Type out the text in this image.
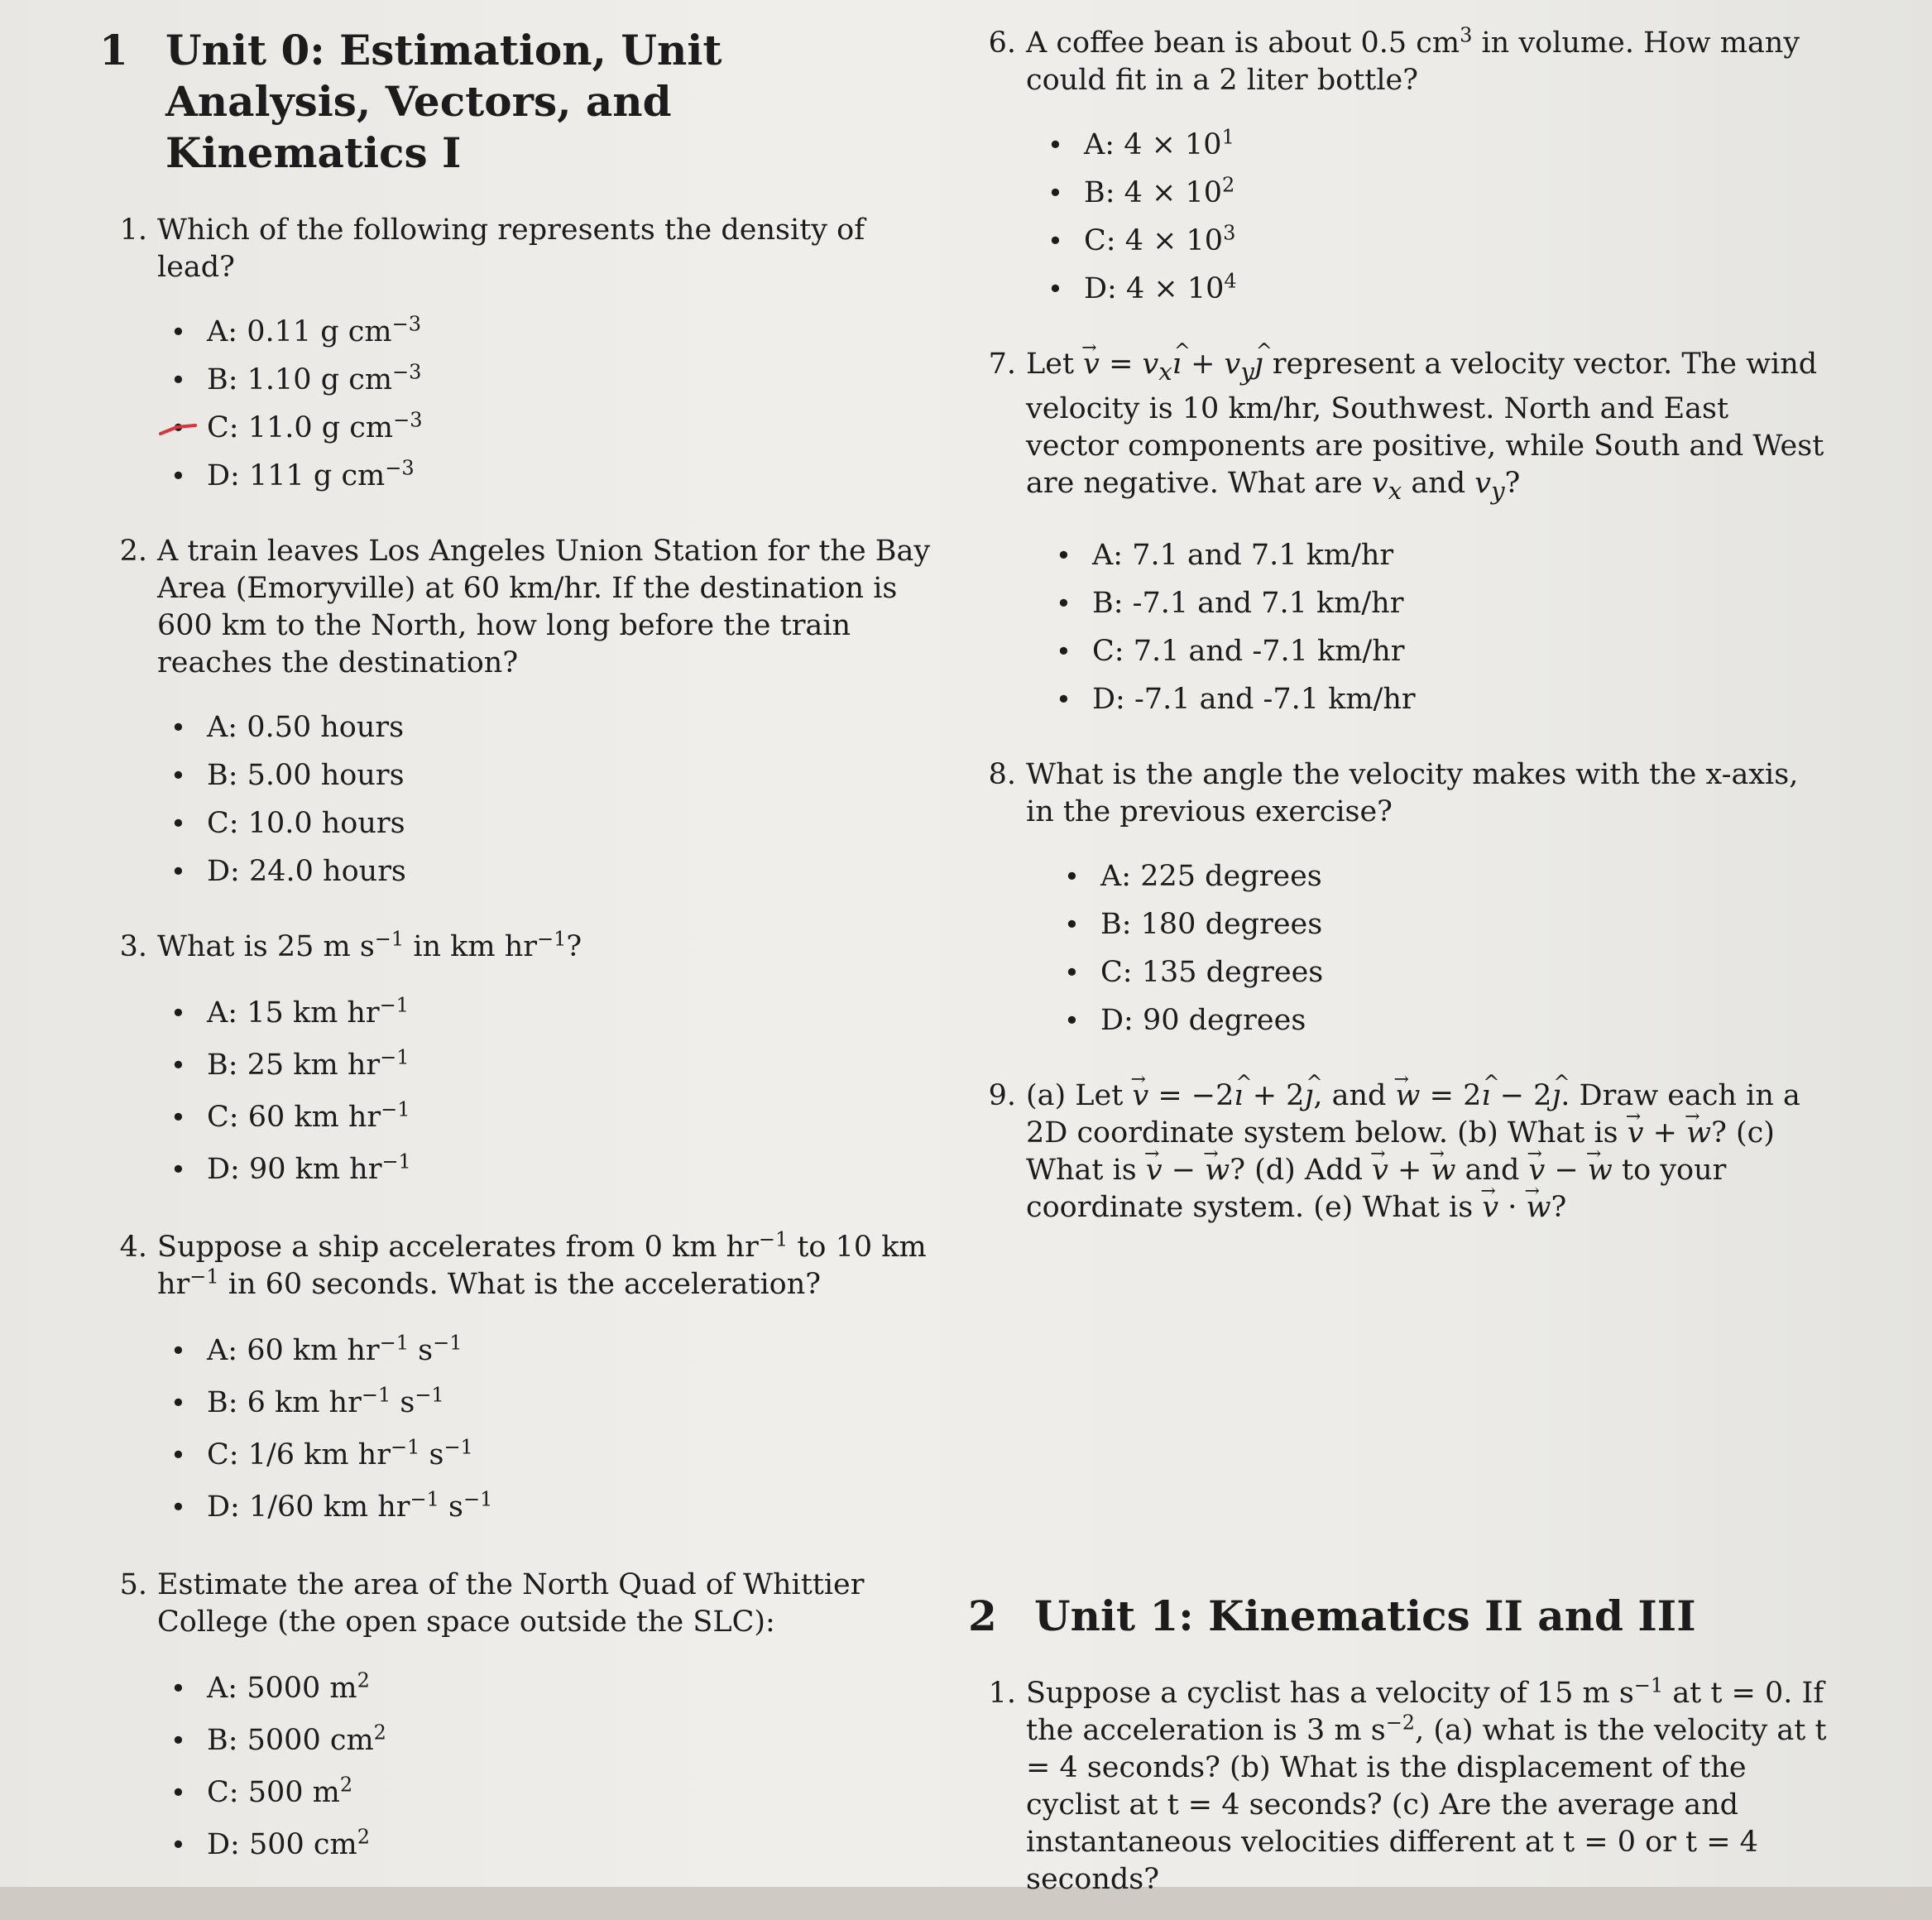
1 Unit 0: Estimation, Unit Analysis, Vectors, and Kinematics I
1. Which of the following represents the density of lead?
• A: 0.11 g $cm^{-3}$
• B: 1.10 g $cm^{-3}$
• C: 11.0 g $cm^{-3}$
• D: 111 g $cm^{-3}$
2. A train leaves Los Angeles Union Station for the Bay Area (Emoryville) at 60 km/hr. If the destination is 600 km to the North, how long before the train reaches the destination?
• A: 0.50 hours
• B: 5.00 hours
• C: 10.0 hours
• D: 24.0 hours
3. What is 25 m $s^{-1}$ in km $hr^{-1}$?
• A: 15 km $hr^{-1}$
• B: 25 km $hr^{-1}$
• C: 60 km $hr^{-1}$
• D: 90 km $hr^{-1}$
4. Suppose a ship accelerates from 0 km $hr^{-1}$ to 10 km $hr^{-1}$ in 60 seconds. What is the acceleration?
• A: 60 km $hr^{-1}$ $s^{-1}$
• B: 6 km $hr^{-1}$ $s^{-1}$
• C: 1/6 km $hr^{-1}$ $s^{-1}$
• D: 1/60 km $hr^{-1}$ $s^{-1}$
5. Estimate the area of the North Quad of Whittier College (the open space outside the SLC):
• A: 5000 $m^2$
• B: 5000 $cm^2$
• C: 500 $m^2$
• D: 500 $cm^2$
6. A coffee bean is about 0.5 $cm^3$ in volume. How many could fit in a 2 liter bottle?
• A: $4 \times 10^1$
• B: $4 \times 10^2$
• C: $4 \times 10^3$
• D: $4 \times 10^4$
7. Let v → = $v_xı$ ^ + $v_yȷ$ ^ represent a velocity vector. The wind velocity is 10 km/hr, Southwest. North and East vector components are positive, while South and West are negative. What are $v_x$ and $v_y$?
• A: 7.1 and 7.1 km/hr
• B: -7.1 and 7.1 km/hr
• C: 7.1 and -7.1 km/hr
• D: -7.1 and -7.1 km/hr
8. What is the angle the velocity makes with the x-axis, in the previous exercise?
• A: 225 degrees
• B: 180 degrees
• C: 135 degrees
• D: 90 degrees
9. (a) Let v → = −2ı ^ + 2ȷ ^, and w → = 2ı ^ − 2ȷ ^. Draw each in a 2D coordinate system below. (b) What is v → + w →? (c) What is v → − w →? (d) Add v → + w → and v → − w → to your coordinate system. (e) What is v → · w →?
2 Unit 1: Kinematics II and III
1. Suppose a cyclist has a velocity of 15 m $s^{-1}$ at t = 0. If the acceleration is 3 m $s^{-2}$, (a) what is the velocity at t = 4 seconds? (b) What is the displacement of the cyclist at t = 4 seconds? (c) Are the average and instantaneous velocities different at t = 0 or t = 4 seconds?
